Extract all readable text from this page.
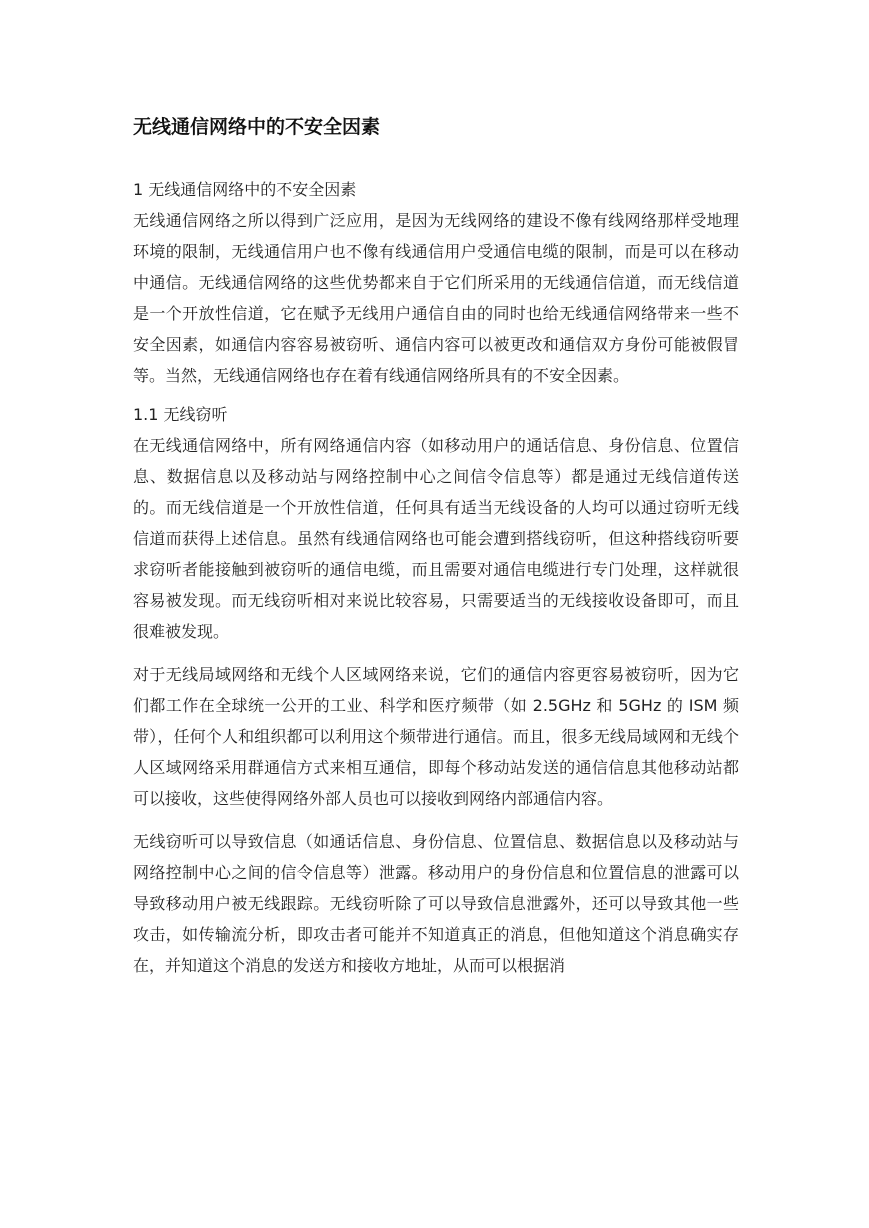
无线通信网络中的不安全因素
1 无线通信网络中的不安全因素

无线通信网络之所以得到广泛应用，是因为无线网络的建设不像有线网络那样受地理环境的限制，无线通信用户也不像有线通信用户受通信电缆的限制，而是可以在移动中通信。无线通信网络的这些优势都来自于它们所采用的无线通信信道，而无线信道是一个开放性信道，它在赋予无线用户通信自由的同时也给无线通信网络带来一些不安全因素，如通信内容容易被窃听、通信内容可以被更改和通信双方身份可能被假冒等。当然，无线通信网络也存在着有线通信网络所具有的不安全因素。

1.1 无线窃听

在无线通信网络中，所有网络通信内容（如移动用户的通话信息、身份信息、位置信息、数据信息以及移动站与网络控制中心之间信令信息等）都是通过无线信道传送的。而无线信道是一个开放性信道，任何具有适当无线设备的人均可以通过窃听无线信道而获得上述信息。虽然有线通信网络也可能会遭到搭线窃听，但这种搭线窃听要求窃听者能接触到被窃听的通信电缆，而且需要对通信电缆进行专门处理，这样就很容易被发现。而无线窃听相对来说比较容易，只需要适当的无线接收设备即可，而且很难被发现。

对于无线局域网络和无线个人区域网络来说，它们的通信内容更容易被窃听，因为它们都工作在全球统一公开的工业、科学和医疗频带（如 2.5GHz 和 5GHz 的 ISM 频带），任何个人和组织都可以利用这个频带进行通信。而且，很多无线局域网和无线个人区域网络采用群通信方式来相互通信，即每个移动站发送的通信信息其他移动站都可以接收，这些使得网络外部人员也可以接收到网络内部通信内容。

无线窃听可以导致信息（如通话信息、身份信息、位置信息、数据信息以及移动站与网络控制中心之间的信令信息等）泄露。移动用户的身份信息和位置信息的泄露可以导致移动用户被无线跟踪。无线窃听除了可以导致信息泄露外，还可以导致其他一些攻击，如传输流分析，即攻击者可能并不知道真正的消息，但他知道这个消息确实存在，并知道这个消息的发送方和接收方地址，从而可以根据消
